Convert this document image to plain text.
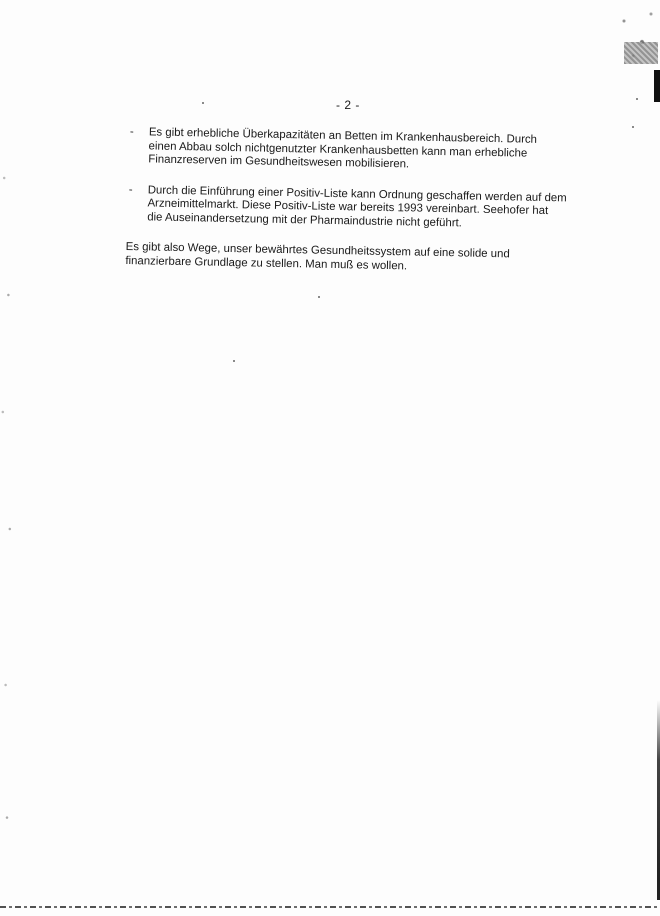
- 2 -
- Es gibt erhebliche Überkapazitäten an Betten im Krankenhausbereich. Durch einen Abbau solch nichtgenutzter Krankenhausbetten kann man erhebliche Finanzreserven im Gesundheitswesen mobilisieren.
- Durch die Einführung einer Positiv-Liste kann Ordnung geschaffen werden auf dem Arzneimittelmarkt. Diese Positiv-Liste war bereits 1993 vereinbart. Seehofer hat die Auseinandersetzung mit der Pharmaindustrie nicht geführt.
Es gibt also Wege, unser bewährtes Gesundheitssystem auf eine solide und finanzierbare Grundlage zu stellen. Man muß es wollen.
